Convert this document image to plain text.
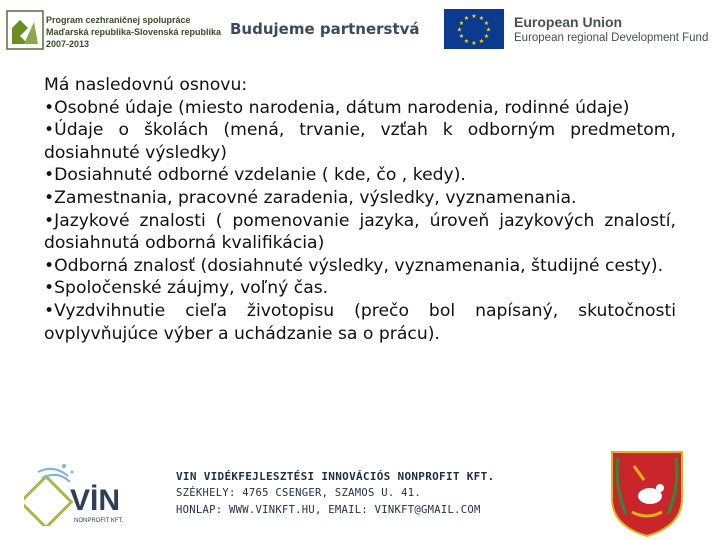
Program cezhraničnej spolupráce
Maďarská republika-Slovenská republika
2007-2013
Budujeme partnerstvá
★ ★
★
★
★
★
★
★
★
★
★
★	European Union
European regional Development Fund

Má nasledovnú osnovu:

•Osobné údaje (miesto narodenia, dátum narodenia, rodinné údaje)

•Údaje o školách (mená, trvanie, vzťah k odborným predmetom, dosiahnuté výsledky)

•Dosiahnuté odborné vzdelanie ( kde, čo , kedy).

•Zamestnania, pracovné zaradenia, výsledky, vyznamenania.

•Jazykové znalosti ( pomenovanie jazyka, úroveň jazykových znalostí, dosiahnutá odborná kvalifikácia)

•Odborná znalosť (dosiahnuté výsledky, vyznamenania, študijné cesty).

•Spoločenské záujmy, voľný čas.

•Vyzdvihnutie cieľa životopisu (prečo bol napísaný, skutočnosti ovplyvňujúce výber a uchádzanie sa o prácu).

VİN
NONPROFIT KFT.
VIN VIDÉKFEJLESZTÉSI INNOVÁCIÓS NONPROFIT KFT.
SZÉKHELY: 4765 CSENGER, SZAMOS U. 41.
HONLAP: WWW.VINKFT.HU, EMAIL: VINKFT@GMAIL.COM
